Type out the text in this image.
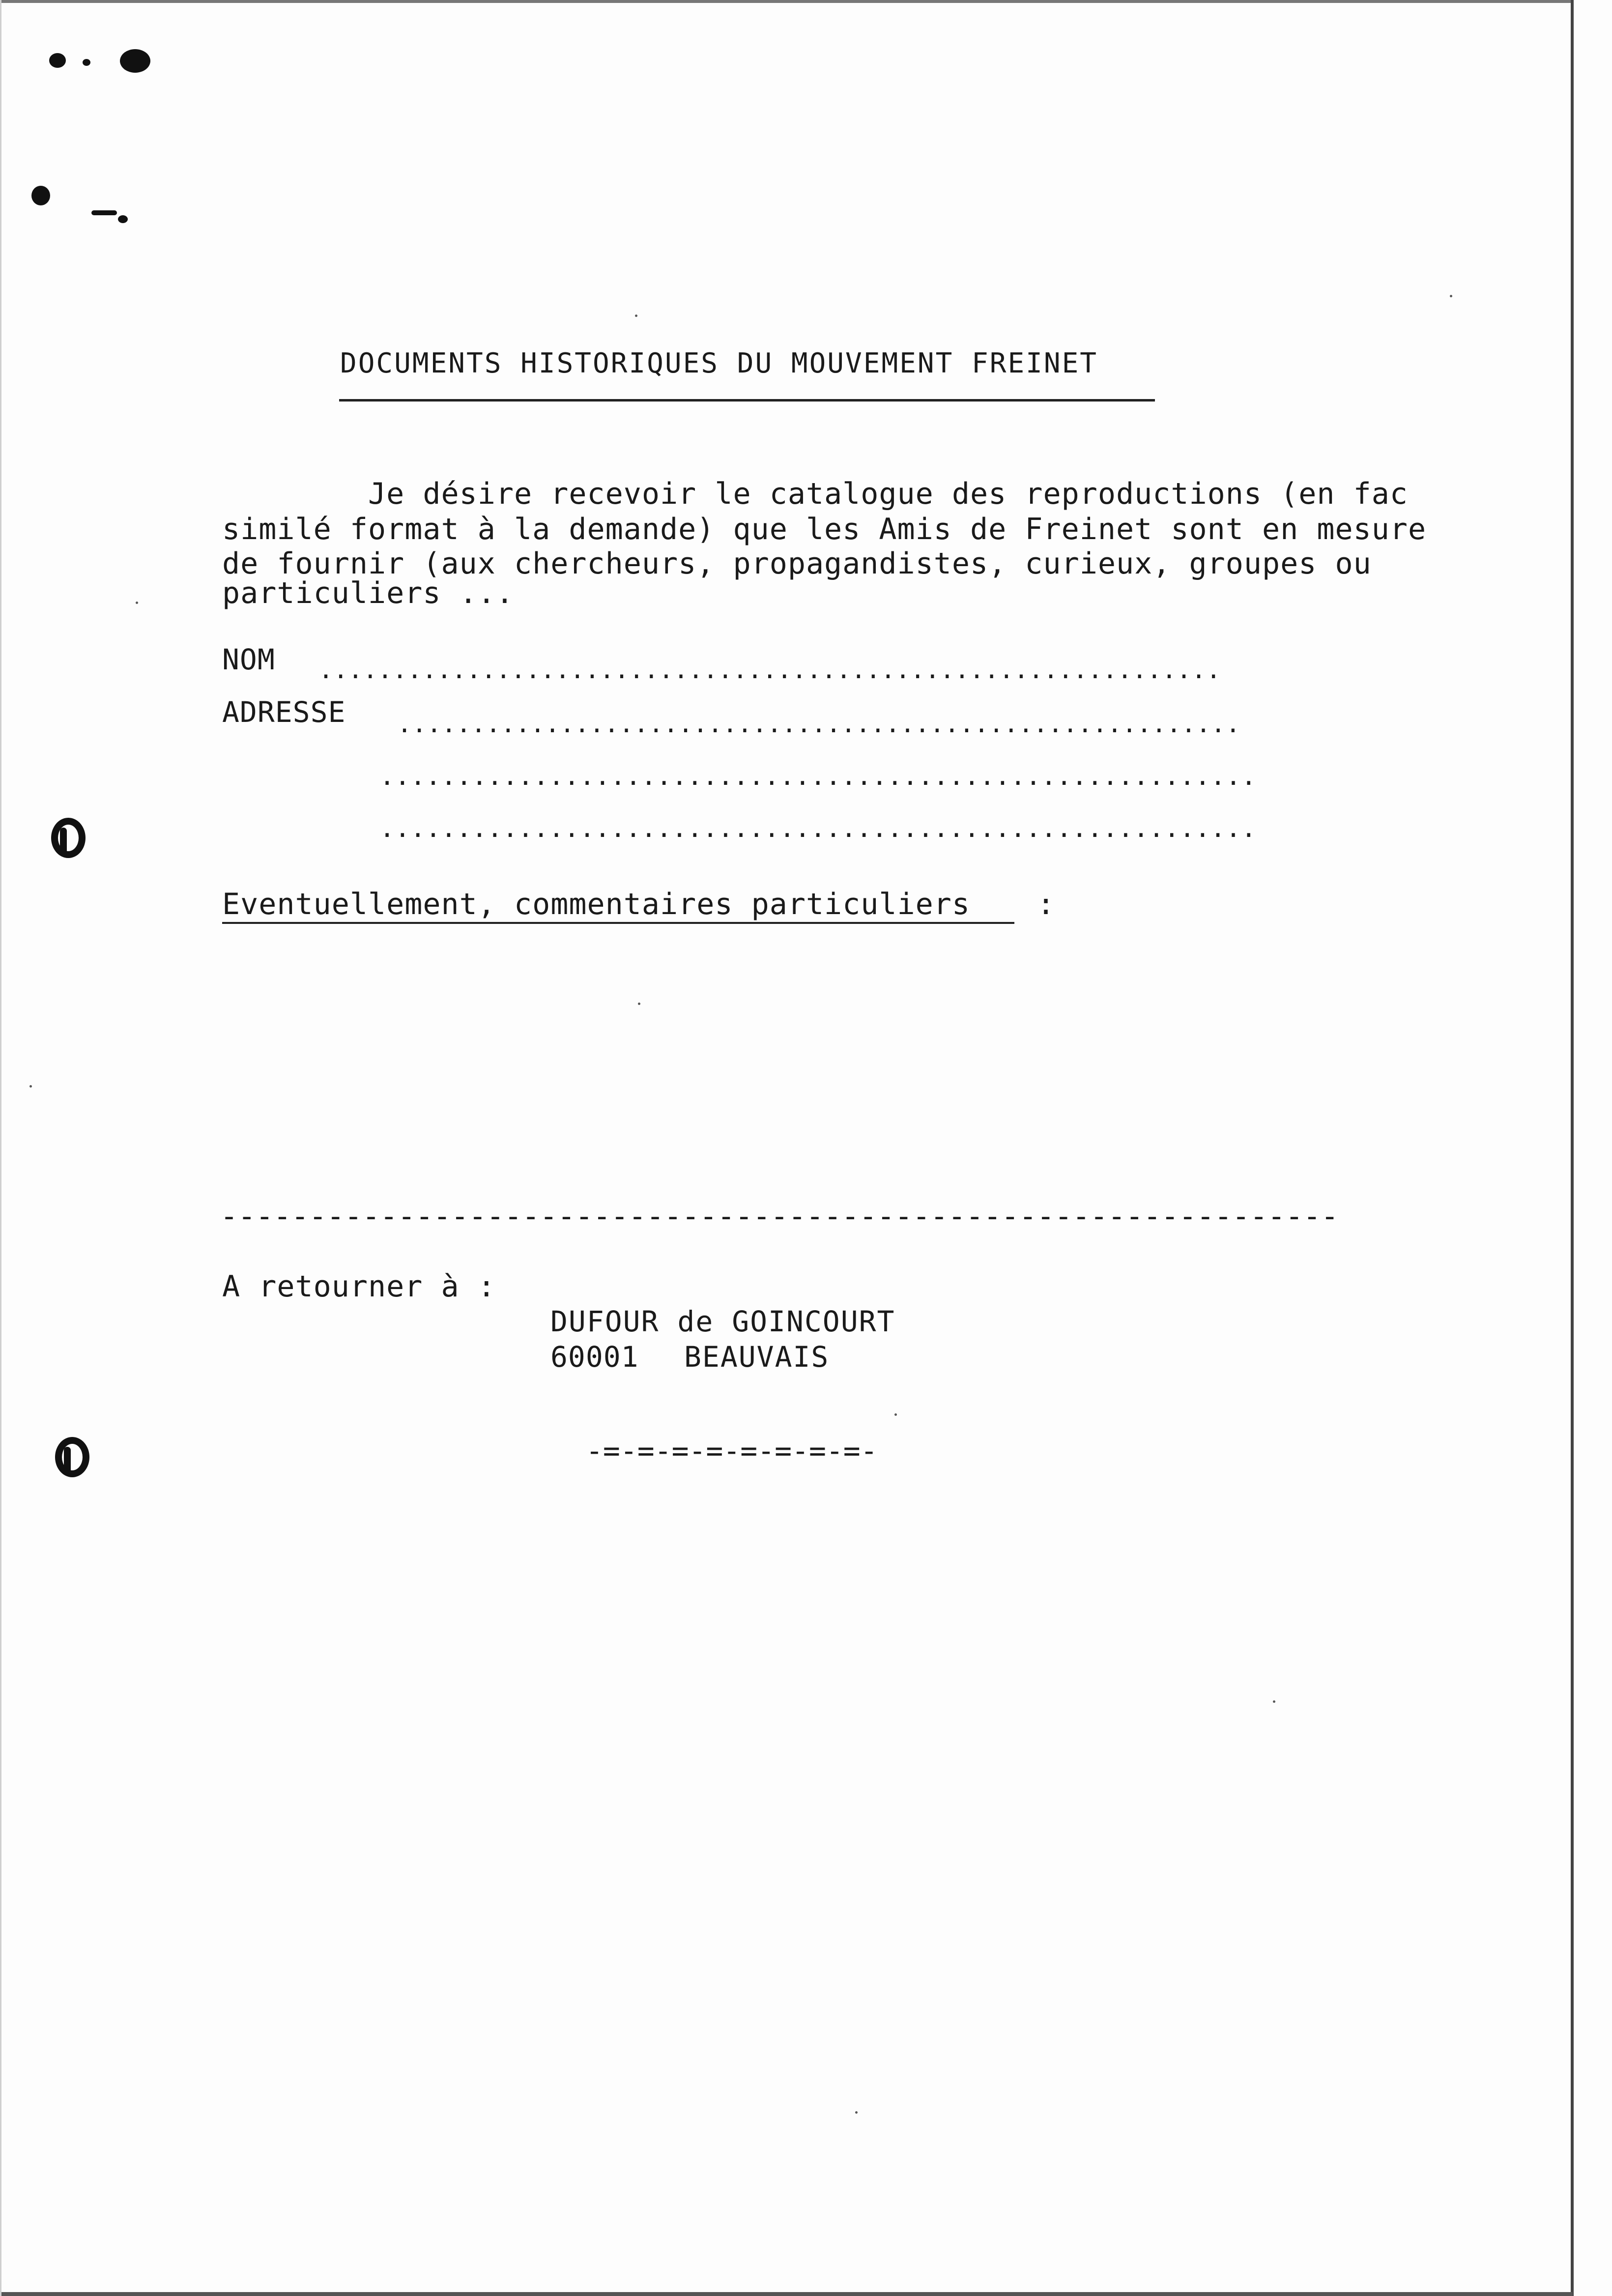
DOCUMENTS HISTORIQUES DU MOUVEMENT FREINET
Je désire recevoir le catalogue des reproductions (en fac
similé format à la demande) que les Amis de Freinet sont en mesure
de fournir (aux chercheurs, propagandistes, curieux, groupes ou
particuliers ...
NOM .............................................................
ADRESSE .........................................................
.........................................................
.........................................................
Eventuellement, commentaires particuliers :
---------------------------------------------------------------
A retourner à :
DUFOUR de GOINCOURT
60001 BEAUVAIS
-=-=-=-=-=-=-=-=-
